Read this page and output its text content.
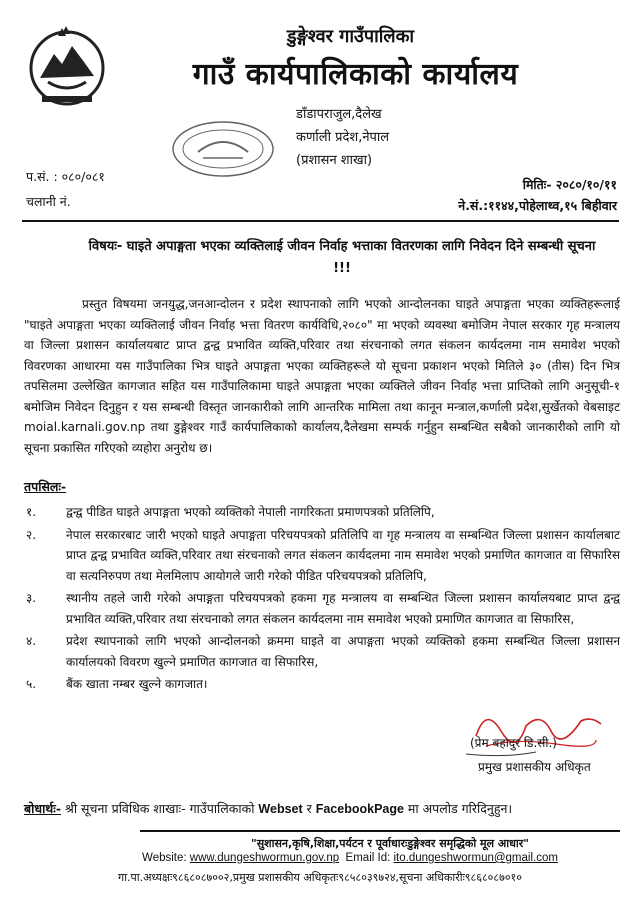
डुङ्गेश्वर गाउँपालिका
गाउँ कार्यपालिकाको कार्यालय
डाँडापराजुल,दैलेख
कर्णाली प्रदेश,नेपाल
(प्रशासन शाखा)
प.सं. : ०८०/०८१
चलानी नं.
मितिः- २०८०/१०/११
ने.सं.:११४४,पोहेलाथ्व,१५ बिहीवार
विषयः- घाइते अपाङ्गता भएका व्यक्तिलाई जीवन निर्वाह भत्ताका वितरणका लागि निवेदन दिने सम्बन्धी सूचना !!!
प्रस्तुत विषयमा जनयुद्ध,जनआन्दोलन र प्रदेश स्थापनाको लागि भएको आन्दोलनका घाइते अपाङ्गता भएका व्यक्तिहरूलाई "घाइते अपाङ्गता भएका व्यक्तिलाई जीवन निर्वाह भत्ता वितरण कार्यविधि,२०८०" मा भएको व्यवस्था बमोजिम नेपाल सरकार गृह मन्त्रालय वा जिल्ला प्रशासन कार्यालयबाट प्राप्त द्वन्द्व प्रभावित व्यक्ति,परिवार तथा संरचनाको लगत संकलन कार्यदलमा नाम समावेश भएको विवरणका आधारमा यस गाउँपालिका भित्र घाइते अपाङ्गता भएका व्यक्तिहरूले यो सूचना प्रकाशन भएको मितिले ३० (तीस) दिन भित्र तपसिलमा उल्लेखित कागजात सहित यस गाउँपालिकामा घाइते अपाङ्गता भएका व्यक्तिले जीवन निर्वाह भत्ता प्राप्तिको लागि अनुसूची-१ बमोजिम निवेदन दिनुहुन र यस सम्बन्धी विस्तृत जानकारीको लागि आन्तरिक मामिला तथा कानून मन्त्राल,कर्णाली प्रदेश,सुर्खेतको वेबसाइट moial.karnali.gov.np तथा डुङ्गेश्वर गाउँ कार्यपालिकाको कार्यालय,दैलेखमा सम्पर्क गर्नुहुन सम्बन्धित सबैको जानकारीको लागि यो सूचना प्रकासित गरिएको व्यहोरा अनुरोध छ।
तपसिलः-
१. द्वन्द्व पीडित घाइते अपाङ्गता भएको व्यक्तिको नेपाली नागरिकता प्रमाणपत्रको प्रतिलिपि,
२. नेपाल सरकारबाट जारी भएको घाइते अपाङ्गता परिचयपत्रको प्रतिलिपि वा गृह मन्त्रालय वा सम्बन्धित जिल्ला प्रशासन कार्यालबाट प्राप्त द्वन्द्व प्रभावित व्यक्ति,परिवार तथा संरचनाको लगत संकलन कार्यदलमा नाम समावेश भएको प्रमाणित कागजात वा सिफारिस वा सत्यनिरुपण तथा मेलमिलाप आयोगले जारी गरेको पीडित परिचयपत्रको प्रतिलिपि,
३. स्थानीय तहले जारी गरेको अपाङ्गता परिचयपत्रको हकमा गृह मन्त्रालय वा सम्बन्धित जिल्ला प्रशासन कार्यालयबाट प्राप्त द्वन्द्व प्रभावित व्यक्ति,परिवार तथा संरचनाको लगत संकलन कार्यदलमा नाम समावेश भएको प्रमाणित कागजात वा सिफारिस,
४. प्रदेश स्थापनाको लागि भएको आन्दोलनको क्रममा घाइते वा अपाङ्गता भएको व्यक्तिको हकमा सम्बन्धित जिल्ला प्रशासन कार्यालयको विवरण खुल्ने प्रमाणित कागजात वा सिफारिस,
५. बैंक खाता नम्बर खुल्ने कागजात।
(प्रेम बहादुर डि.सी.)
प्रमुख प्रशासकीय अधिकृत
बोधार्थः- श्री सूचना प्रविधिक शाखाः- गाउँपालिकाको Webset र FacebookPage मा अपलोड गरिदिनुहुन।
"सुशासन,कृषि,शिक्षा,पर्यटन र पूर्वाधारःडुङ्गेश्वर समृद्धिको मूल आधार"
Website: www.dungeshwormun.gov.np Email Id: ito.dungeshwormun@gmail.com
गा.पा.अध्यक्षः९८६८०८७००२,प्रमुख प्रशासकीय अधिकृतः९८५८०३९७२४,सूचना अधिकारीः९८६८०८७०१०
